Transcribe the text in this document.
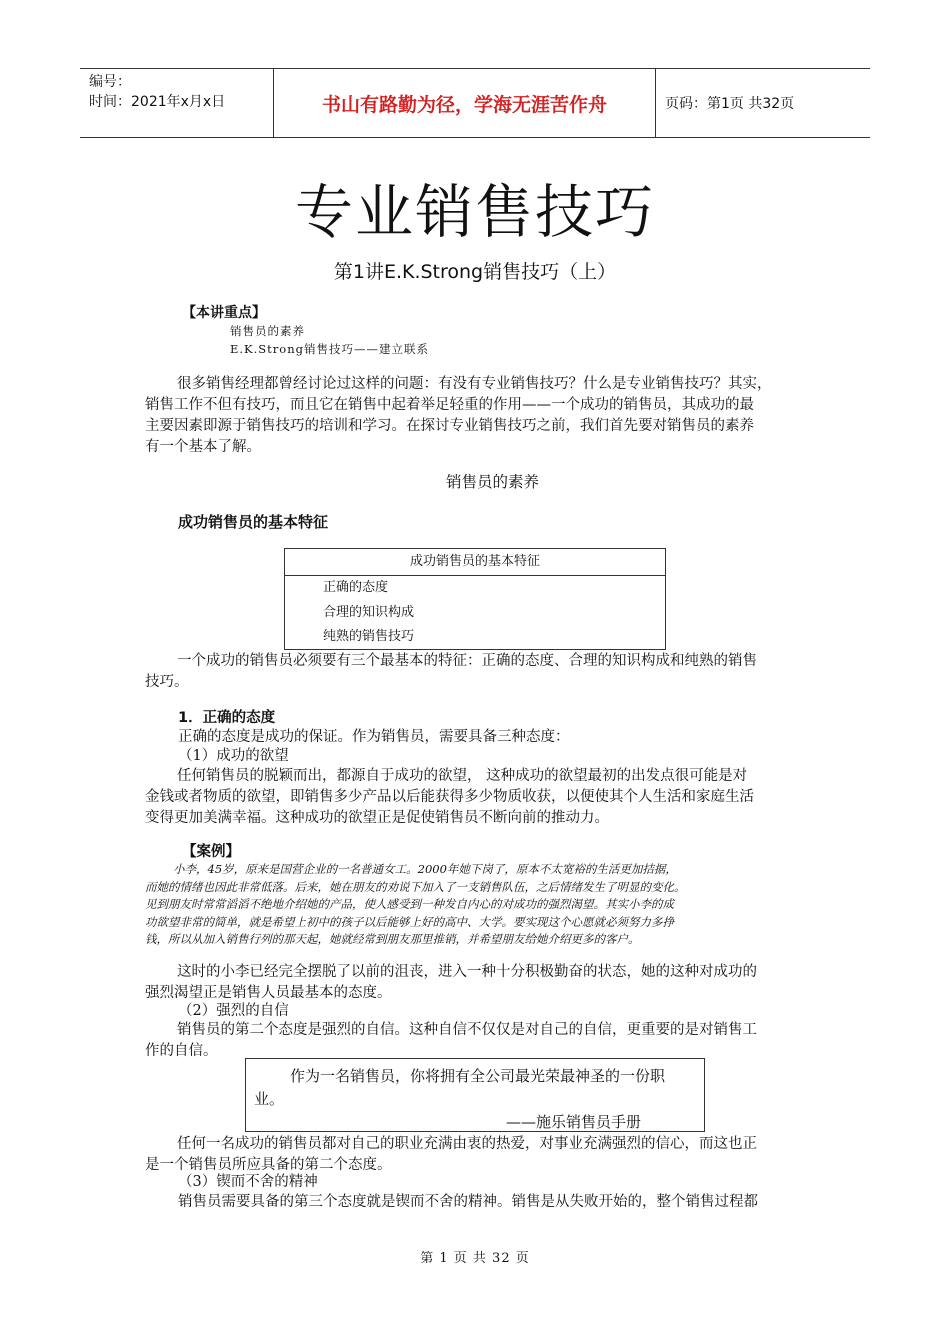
编号：
时间：2021年x月x日	书山有路勤为径，学海无涯苦作舟	页码：第1页 共32页
专业销售技巧
第1讲E.K.Strong销售技巧（上）
【本讲重点】
销售员的素养
E.K.Strong销售技巧——建立联系
很多销售经理都曾经讨论过这样的问题：有没有专业销售技巧？什么是专业销售技巧？其实，
销售工作不但有技巧，而且它在销售中起着举足轻重的作用——一个成功的销售员，其成功的最
主要因素即源于销售技巧的培训和学习。在探讨专业销售技巧之前，我们首先要对销售员的素养
有一个基本了解。
销售员的素养
成功销售员的基本特征
成功销售员的基本特征
正确的态度
合理的知识构成
纯熟的销售技巧
一个成功的销售员必须要有三个最基本的特征：正确的态度、合理的知识构成和纯熟的销售
技巧。
1．正确的态度
正确的态度是成功的保证。作为销售员，需要具备三种态度：
（1）成功的欲望
任何销售员的脱颖而出，都源自于成功的欲望， 这种成功的欲望最初的出发点很可能是对
金钱或者物质的欲望，即销售多少产品以后能获得多少物质收获，以便使其个人生活和家庭生活
变得更加美满幸福。这种成功的欲望正是促使销售员不断向前的推动力。
【案例】
小李，45岁，原来是国营企业的一名普通女工。2000年她下岗了，原本不太宽裕的生活更加拮据，
而她的情绪也因此非常低落。后来，她在朋友的劝说下加入了一支销售队伍，之后情绪发生了明显的变化。
见到朋友时常常滔滔不绝地介绍她的产品，使人感受到一种发自内心的对成功的强烈渴望。其实小李的成
功欲望非常的简单，就是希望上初中的孩子以后能够上好的高中、大学。要实现这个心愿就必须努力多挣
钱，所以从加入销售行列的那天起，她就经常到朋友那里推销，并希望朋友给她介绍更多的客户。
这时的小李已经完全摆脱了以前的沮丧，进入一种十分积极勤奋的状态，她的这种对成功的
强烈渴望正是销售人员最基本的态度。
（2）强烈的自信
销售员的第二个态度是强烈的自信。这种自信不仅仅是对自己的自信，更重要的是对销售工
作的自信。
作为一名销售员，你将拥有全公司最光荣最神圣的一份职
业。
——施乐销售员手册
任何一名成功的销售员都对自己的职业充满由衷的热爱，对事业充满强烈的信心，而这也正
是一个销售员所应具备的第二个态度。
（3）锲而不舍的精神
销售员需要具备的第三个态度就是锲而不舍的精神。销售是从失败开始的，整个销售过程都
第 1 页 共 32 页
